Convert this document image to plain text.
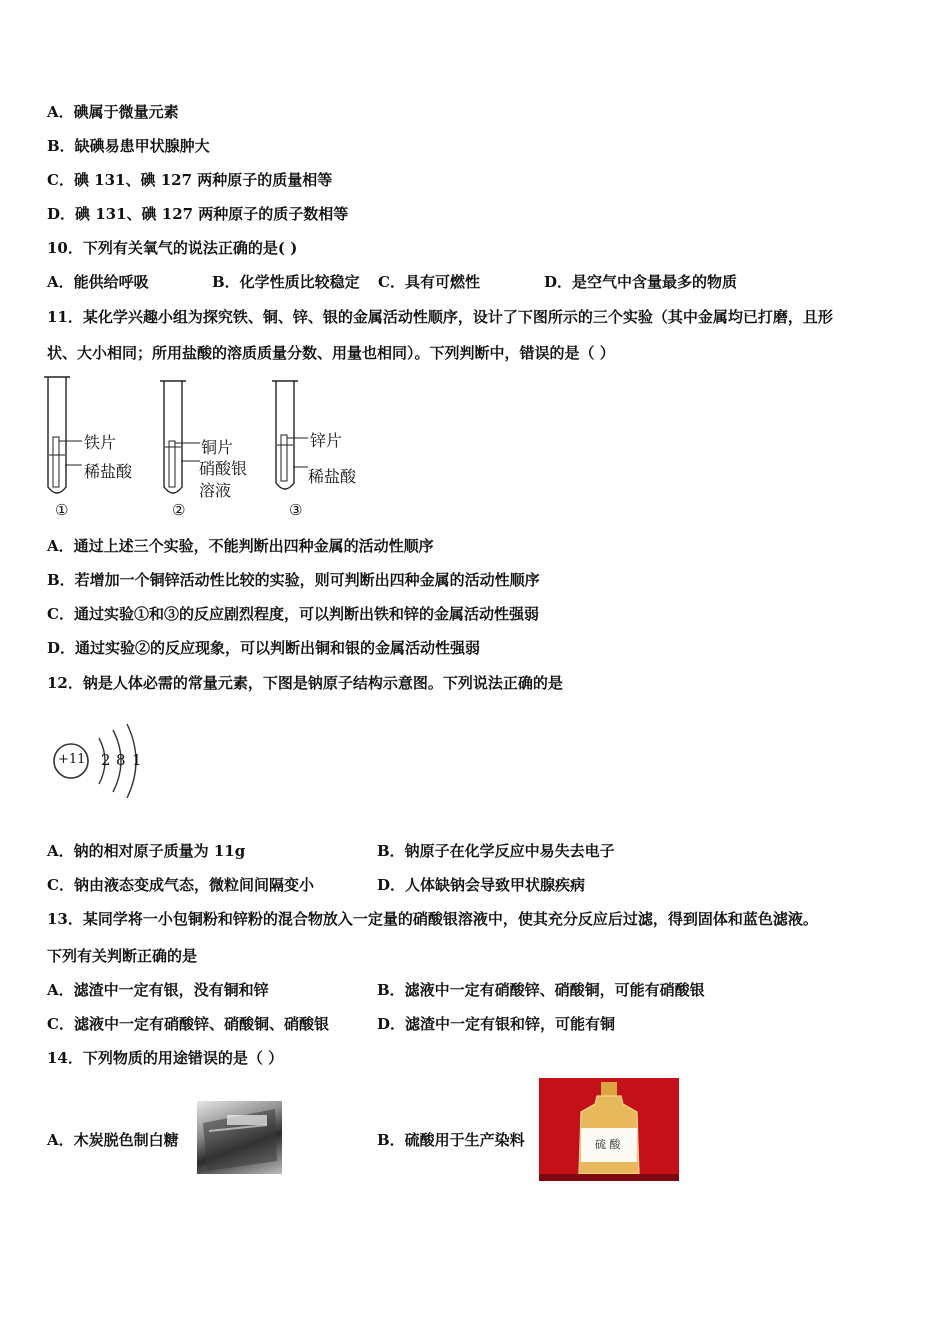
A．碘属于微量元素
B．缺碘易患甲状腺肿大
C．碘 131、碘 127 两种原子的质量相等
D．碘 131、碘 127 两种原子的质子数相等
10．下列有关氧气的说法正确的是( )
A．能供给呼吸	B．化学性质比较稳定 C．具有可燃性	D．是空气中含量最多的物质
11．某化学兴趣小组为探究铁、铜、锌、银的金属活动性顺序，设计了下图所示的三个实验（其中金属均已打磨，且形
状、大小相同；所用盐酸的溶质质量分数、用量也相同）。下列判断中，错误的是（ ）
铁片
稀盐酸
①
铜片
硝酸银
溶液
②
锌片
稀盐酸
③
A．通过上述三个实验，不能判断出四种金属的活动性顺序
B．若增加一个铜锌活动性比较的实验，则可判断出四种金属的活动性顺序
C．通过实验①和③的反应剧烈程度，可以判断出铁和锌的金属活动性强弱
D．通过实验②的反应现象，可以判断出铜和银的金属活动性强弱
12．钠是人体必需的常量元素，下图是钠原子结构示意图。下列说法正确的是
+11 2 8 1
A．钠的相对原子质量为 11g	B．钠原子在化学反应中易失去电子
C．钠由液态变成气态，微粒间间隔变小	D．人体缺钠会导致甲状腺疾病
13．某同学将一小包铜粉和锌粉的混合物放入一定量的硝酸银溶液中，使其充分反应后过滤，得到固体和蓝色滤液。
下列有关判断正确的是
A．滤渣中一定有银，没有铜和锌	B．滤液中一定有硝酸锌、硝酸铜，可能有硝酸银
C．滤液中一定有硝酸锌、硝酸铜、硝酸银	D．滤渣中一定有银和锌，可能有铜
14．下列物质的用途错误的是（ ）
A．木炭脱色制白糖	B．硫酸用于生产染料	硫 酸
